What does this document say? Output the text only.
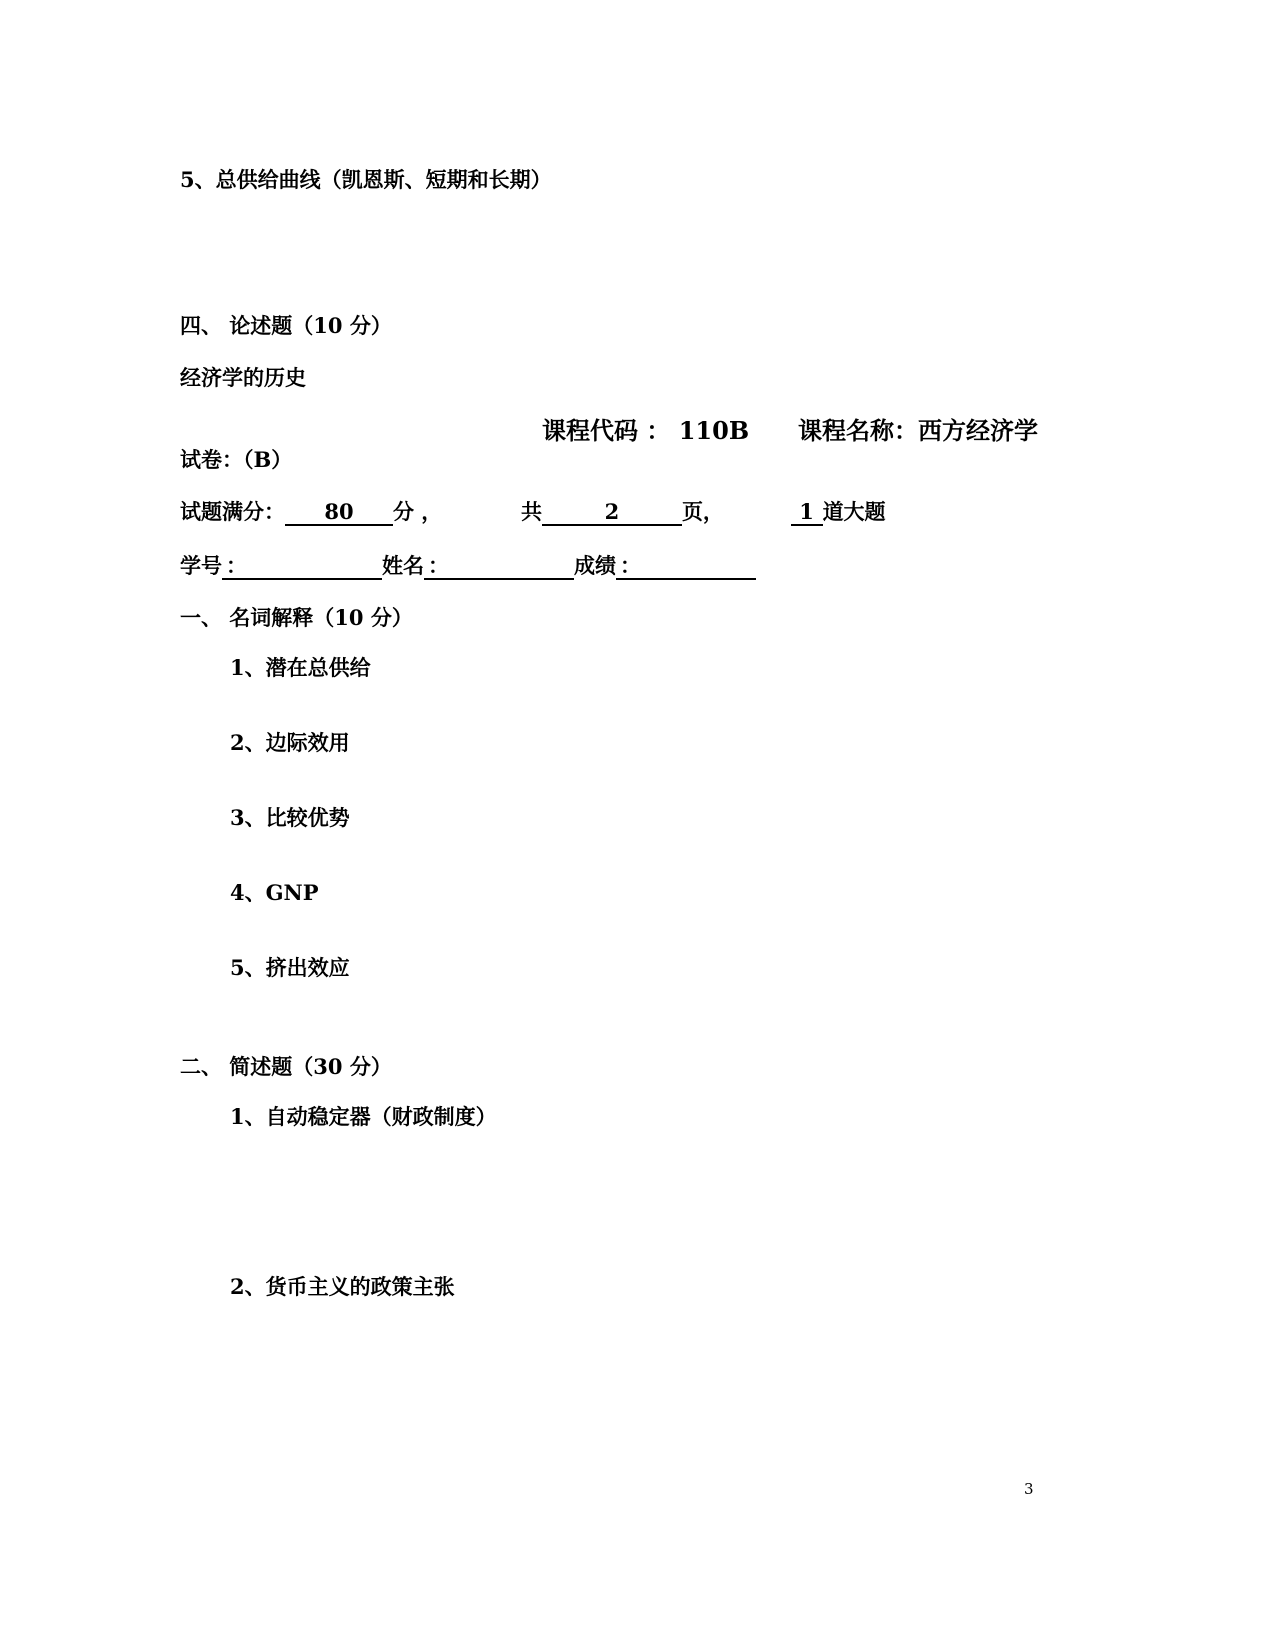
5、总供给曲线（凯恩斯、短期和长期）
四、 论述题（10 分）
经济学的历史
课程代码 ： 110B 课程名称：西方经济学
试卷：（B）
试题满分： 80 分 ，	共	2	页，	1 道大题
学号 ：	姓名 ：	成绩 ：
一、 名词解释（10 分）
1、潜在总供给
2、边际效用
3、比较优势
4、GNP
5、挤出效应
二、 简述题（30 分）
1、自动稳定器（财政制度）
2、货币主义的政策主张
3
